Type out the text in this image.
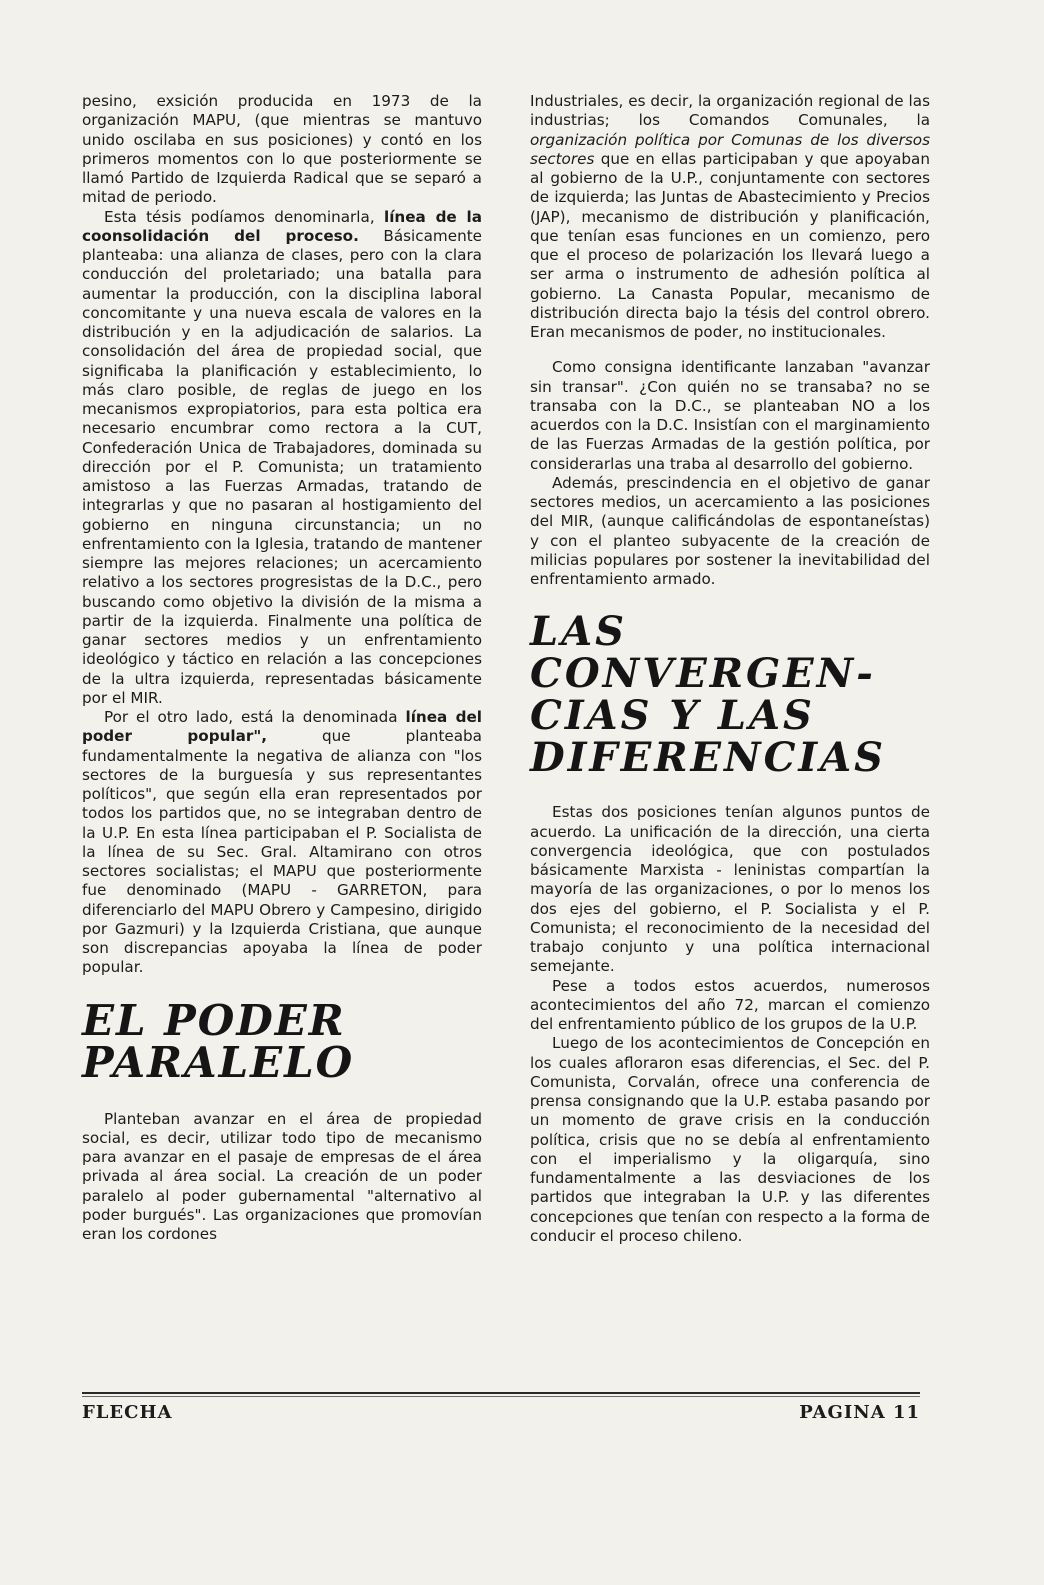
pesino, exsición producida en 1973 de la organización MAPU, (que mientras se mantuvo unido oscilaba en sus posiciones) y contó en los primeros momentos con lo que posteriormente se llamó Partido de Izquierda Radical que se separó a mitad de periodo.

Esta tésis podíamos denominarla, línea de la coonsolidación del proceso. Básicamente planteaba: una alianza de clases, pero con la clara conducción del proletariado; una batalla para aumentar la producción, con la disciplina laboral concomitante y una nueva escala de valores en la distribución y en la adjudicación de salarios. La consolidación del área de propiedad social, que significaba la planificación y establecimiento, lo más claro posible, de reglas de juego en los mecanismos expropiatorios, para esta poltica era necesario encumbrar como rectora a la CUT, Confederación Unica de Trabajadores, dominada su dirección por el P. Comunista; un tratamiento amistoso a las Fuerzas Armadas, tratando de integrarlas y que no pasaran al hostigamiento del gobierno en ninguna circunstancia; un no enfrentamiento con la Iglesia, tratando de mantener siempre las mejores relaciones; un acercamiento relativo a los sectores progresistas de la D.C., pero buscando como objetivo la división de la misma a partir de la izquierda. Finalmente una política de ganar sectores medios y un enfrentamiento ideológico y táctico en relación a las concepciones de la ultra izquierda, representadas básicamente por el MIR.

Por el otro lado, está la denominada línea del poder popular", que planteaba fundamentalmente la negativa de alianza con "los sectores de la burguesía y sus representantes políticos", que según ella eran representados por todos los partidos que, no se integraban dentro de la U.P. En esta línea participaban el P. Socialista de la línea de su Sec. Gral. Altamirano con otros sectores socialistas; el MAPU que posteriormente fue denominado (MAPU - GARRETON, para diferenciarlo del MAPU Obrero y Campesino, dirigido por Gazmuri) y la Izquierda Cristiana, que aunque son discrepancias apoyaba la línea de poder popular.

EL PODER
PARALELO

Planteban avanzar en el área de propiedad social, es decir, utilizar todo tipo de mecanismo para avanzar en el pasaje de empresas de el área privada al área social. La creación de un poder paralelo al poder gubernamental "alternativo al poder burgués". Las organizaciones que promovían eran los cordones

Industriales, es decir, la organización regional de las industrias; los Comandos Comunales, la organización política por Comunas de los diversos sectores que en ellas participaban y que apoyaban al gobierno de la U.P., conjuntamente con sectores de izquierda; las Juntas de Abastecimiento y Precios (JAP), mecanismo de distribución y planificación, que tenían esas funciones en un comienzo, pero que el proceso de polarización los llevará luego a ser arma o instrumento de adhesión política al gobierno. La Canasta Popular, mecanismo de distribución directa bajo la tésis del control obrero. Eran mecanismos de poder, no institucionales.

Como consigna identificante lanzaban "avanzar sin transar". ¿Con quién no se transaba? no se transaba con la D.C., se planteaban NO a los acuerdos con la D.C. Insistían con el marginamiento de las Fuerzas Armadas de la gestión política, por considerarlas una traba al desarrollo del gobierno.

Además, prescindencia en el objetivo de ganar sectores medios, un acercamiento a las posiciones del MIR, (aunque calificándolas de espontaneístas) y con el planteo subyacente de la creación de milicias populares por sostener la inevitabilidad del enfrentamiento armado.

LAS CONVERGEN-
CIAS Y LAS
DIFERENCIAS

Estas dos posiciones tenían algunos puntos de acuerdo. La unificación de la dirección, una cierta convergencia ideológica, que con postulados básicamente Marxista - leninistas compartían la mayoría de las organizaciones, o por lo menos los dos ejes del gobierno, el P. Socialista y el P. Comunista; el reconocimiento de la necesidad del trabajo conjunto y una política internacional semejante.

Pese a todos estos acuerdos, numerosos acontecimientos del año 72, marcan el comienzo del enfrentamiento público de los grupos de la U.P.

Luego de los acontecimientos de Concepción en los cuales afloraron esas diferencias, el Sec. del P. Comunista, Corvalán, ofrece una conferencia de prensa consignando que la U.P. estaba pasando por un momento de grave crisis en la conducción política, crisis que no se debía al enfrentamiento con el imperialismo y la oligarquía, sino fundamentalmente a las desviaciones de los partidos que integraban la U.P. y las diferentes concepciones que tenían con respecto a la forma de conducir el proceso chileno.

FLECHA	PAGINA 11
